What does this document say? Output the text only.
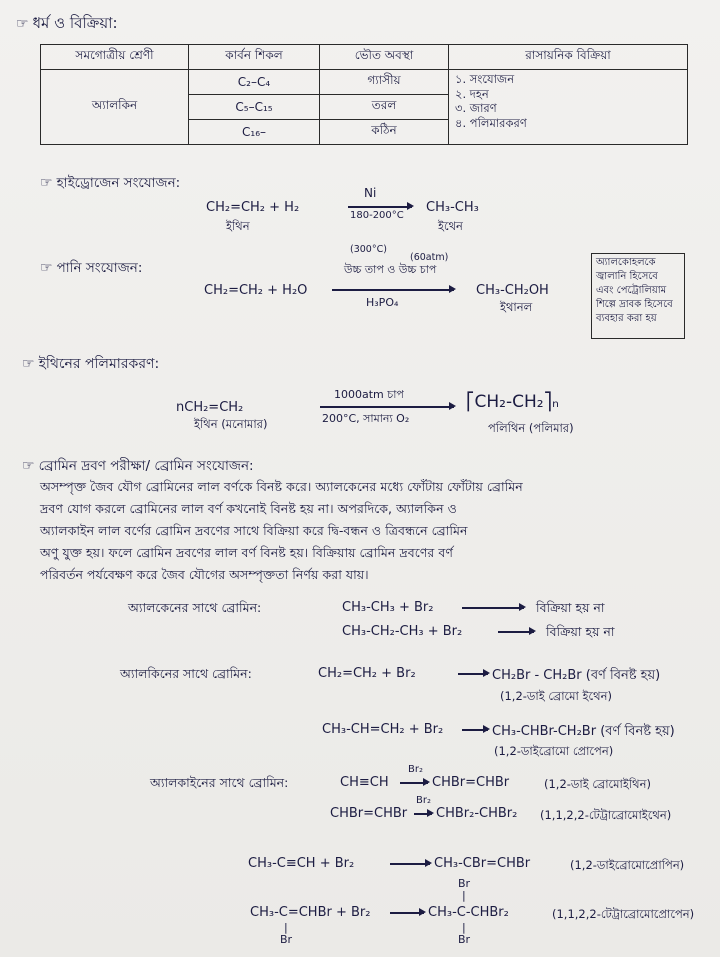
☞ ধর্ম ও বিক্রিয়া:
সমগোত্রীয় শ্রেণী	কার্বন শিকল	ভৌত অবস্থা	রাসায়নিক বিক্রিয়া
অ্যালকিন	C₂–C₄	গ্যাসীয়	১. সংযোজন
২. দহন
৩. জারণ
৪. পলিমারকরণ

	C₅–C₁₅	তরল	
	C₁₆–	কঠিন	
☞ হাইড্রোজেন সংযোজন:
CH₂=CH₂ + H₂
Ni
180-200°C
CH₃-CH₃
ইথিন	ইথেন
☞ পানি সংযোজন:
(300°C)
(60atm)
উচ্চ তাপ ও উচ্চ চাপ
CH₂=CH₂ + H₂O
H₃PO₄
CH₃-CH₂OH
ইথানল
অ্যালকোহলকে
জ্বালানি হিসেবে
এবং পেট্রোলিয়াম
শিল্পে দ্রাবক হিসেবে
ব্যবহার করা হয়
☞ ইথিনের পলিমারকরণ:
nCH₂=CH₂
ইথিন (মনোমার)
1000atm চাপ
200°C, সামান্য O₂
⎡CH₂-CH₂⎤ₙ
পলিথিন (পলিমার)
☞ ব্রোমিন দ্রবণ পরীক্ষা/ ব্রোমিন সংযোজন:
অসম্পৃক্ত জৈব যৌগ ব্রোমিনের লাল বর্ণকে বিনষ্ট করে। অ্যালকেনের মধ্যে ফোঁটায় ফোঁটায় ব্রোমিন
দ্রবণ যোগ করলে ব্রোমিনের লাল বর্ণ কখনোই বিনষ্ট হয় না। অপরদিকে, অ্যালকিন ও
অ্যালকাইন লাল বর্ণের ব্রোমিন দ্রবণের সাথে বিক্রিয়া করে দ্বি-বন্ধন ও ত্রিবন্ধনে ব্রোমিন
অণু যুক্ত হয়। ফলে ব্রোমিন দ্রবণের লাল বর্ণ বিনষ্ট হয়। বিক্রিয়ায় ব্রোমিন দ্রবণের বর্ণ
পরিবর্তন পর্যবেক্ষণ করে জৈব যৌগের অসম্পৃক্ততা নির্ণয় করা যায়।
অ্যালকেনের সাথে ব্রোমিন:	CH₃-CH₃ + Br₂ → বিক্রিয়া হয় না
CH₃-CH₂-CH₃ + Br₂ → বিক্রিয়া হয় না
অ্যালকিনের সাথে ব্রোমিন:	CH₂=CH₂ + Br₂	→ CH₂Br - CH₂Br (বর্ণ বিনষ্ট হয়)
(1,2-ডাই ব্রোমো ইথেন)
CH₃-CH=CH₂ + Br₂ → CH₃-CHBr-CH₂Br (বর্ণ বিনষ্ট হয়)
(1,2-ডাইব্রোমো প্রোপেন)
অ্যালকাইনের সাথে ব্রোমিন:	CH≡CH
Br₂
→ CHBr=CHBr	(1,2-ডাই ব্রোমোইথিন)
CHBr=CHBr
Br₂
→ CHBr₂-CHBr₂ (1,1,2,2-টেট্রাব্রোমোইথেন)
CH₃-C≡CH + Br₂ → CH₃-CBr=CHBr	(1,2-ডাইব্রোমোপ্রোপিন)
Br
|
CH₃-C=CHBr + Br₂ → CH₃-C-CHBr₂	(1,1,2,2-টেট্রাব্রোমোপ্রোপেন)
|
Br
|
Br
